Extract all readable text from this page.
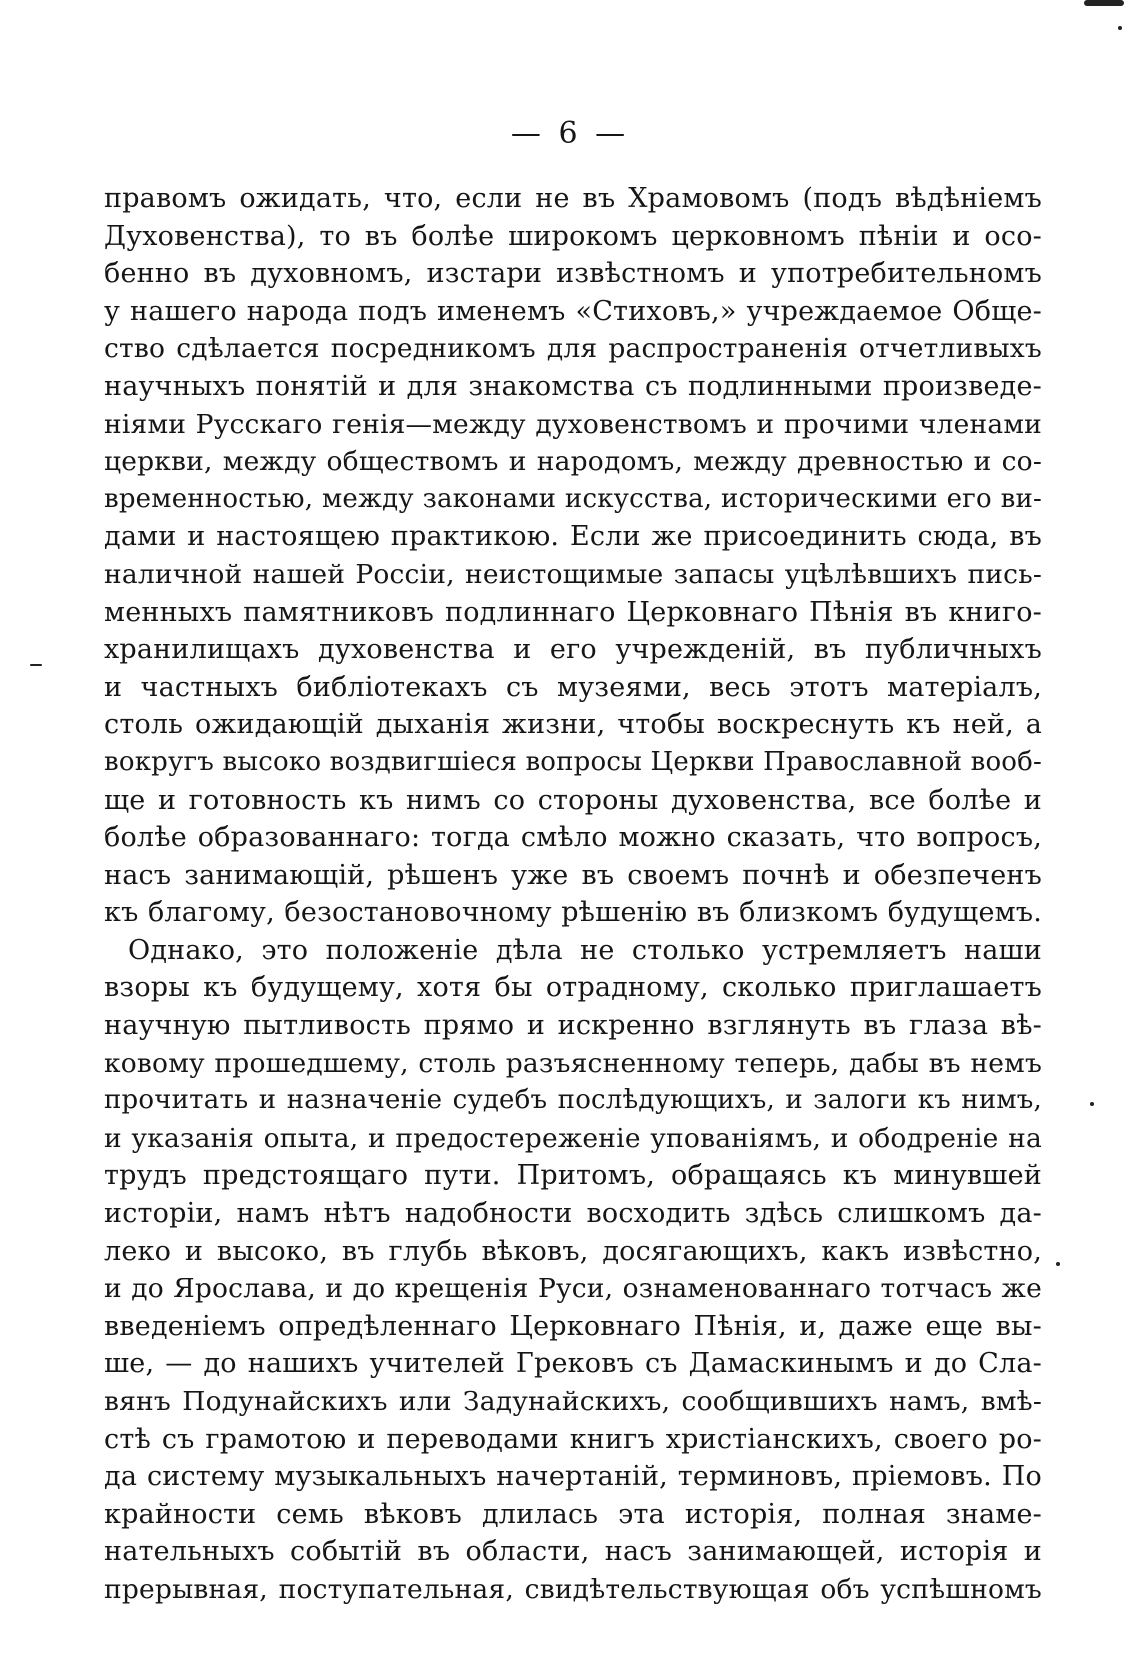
— 6 —
правомъ ожидать, что, если не въ Храмовомъ (подъ вѣдѣніемъ
Духовенства), то въ болѣе широкомъ церковномъ пѣніи и осо-
бенно въ духовномъ, изстари извѣстномъ и употребительномъ
у нашего народа подъ именемъ «Стиховъ,» учреждаемое Общe-
ство сдѣлается посредникомъ для распространенія отчетливыхъ
научныхъ понятій и для знакомства съ подлинными произведе-
ніями Русскаго генія—между духовенствомъ и прочими членами
церкви, между обществомъ и народомъ, между древностью и со-
временностью, между законами искусства, историческими его ви-
дами и настоящею практикою. Если же присоединить сюда, въ
наличной нашей Россіи, неистощимые запасы уцѣлѣвшихъ пись-
менныхъ памятниковъ подлиннаго Церковнаго Пѣнія въ книго-
хранилищахъ духовенства и его учрежденій, въ публичныхъ
и частныхъ библіотекахъ съ музеями, весь этотъ матеріалъ,
столь ожидающій дыханія жизни, чтобы воскреснуть къ ней, а
вокругъ высоко воздвигшіеся вопросы Церкви Православной вооб-
ще и готовность къ нимъ со стороны духовенства, все болѣе и
болѣе образованнаго: тогда смѣло можно сказать, что вопросъ,
насъ занимающій, рѣшенъ уже въ своемъ почнѣ и обезпеченъ
къ благому, безостановочному рѣшенію въ близкомъ будущемъ.
Однако, это положеніе дѣла не столько устремляетъ наши
взоры къ будущему, хотя бы отрадному, сколько приглашаетъ
научную пытливость прямо и искренно взглянуть въ глаза вѣ-
ковому прошедшему, столь разъясненному теперь, дабы въ немъ
прочитать и назначеніе судебъ послѣдующихъ, и залоги къ нимъ,
и указанія опыта, и предостереженіе упованіямъ, и ободреніе на
трудъ предстоящаго пути. Притомъ, обращаясь къ минувшей
исторіи, намъ нѣтъ надобности восходить здѣсь слишкомъ да-
леко и высоко, въ глубь вѣковъ, досягающихъ, какъ извѣстно,
и до Ярослава, и до крещенія Руси, ознаменованнаго тотчасъ же
введеніемъ опредѣленнаго Церковнаго Пѣнія, и, даже еще вы-
ше, — до нашихъ учителей Грековъ съ Дамаскинымъ и до Сла-
вянъ Подунайскихъ или Задунайскихъ, сообщившихъ намъ, вмѣ-
стѣ съ грамотою и переводами книгъ христіанскихъ, своего ро-
да систему музыкальныхъ начертаній, терминовъ, пріемовъ. По
крайности семь вѣковъ длилась эта исторія, полная знаме-
нательныхъ событій въ области, насъ занимающей, исторія и
прерывная, поступательная, свидѣтельствующая объ успѣшномъ
